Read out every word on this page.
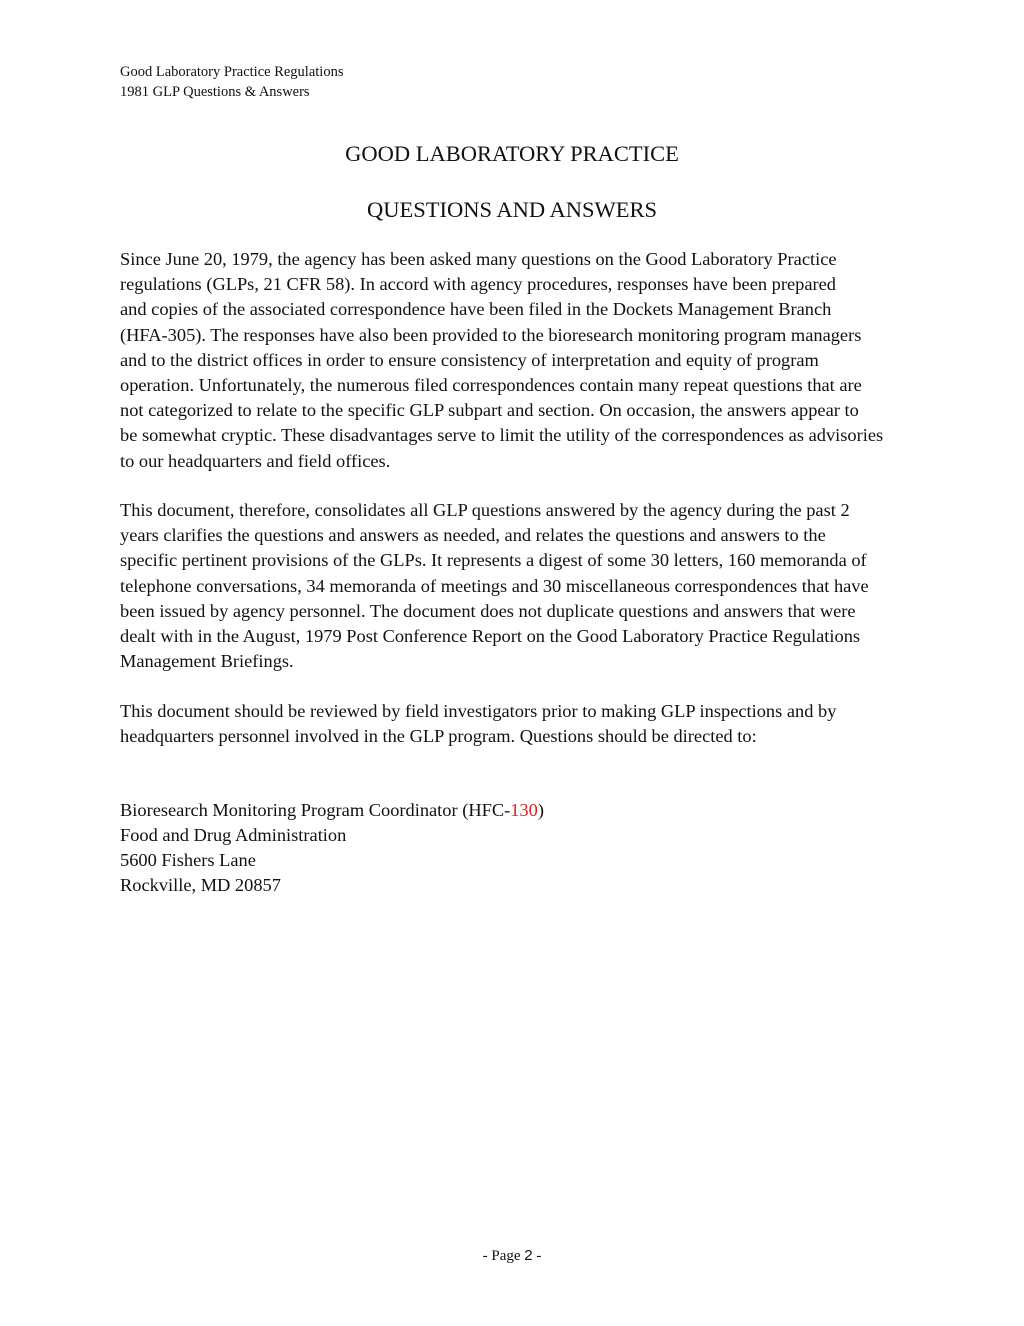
Good Laboratory Practice Regulations
1981 GLP Questions & Answers
GOOD LABORATORY PRACTICE
QUESTIONS AND ANSWERS

Since June 20, 1979, the agency has been asked many questions on the Good Laboratory Practice
regulations (GLPs, 21 CFR 58). In accord with agency procedures, responses have been prepared
and copies of the associated correspondence have been filed in the Dockets Management Branch
(HFA-305). The responses have also been provided to the bioresearch monitoring program managers
and to the district offices in order to ensure consistency of interpretation and equity of program
operation. Unfortunately, the numerous filed correspondences contain many repeat questions that are
not categorized to relate to the specific GLP subpart and section. On occasion, the answers appear to
be somewhat cryptic. These disadvantages serve to limit the utility of the correspondences as advisories
to our headquarters and field offices.

This document, therefore, consolidates all GLP questions answered by the agency during the past 2
years clarifies the questions and answers as needed, and relates the questions and answers to the
specific pertinent provisions of the GLPs. It represents a digest of some 30 letters, 160 memoranda of
telephone conversations, 34 memoranda of meetings and 30 miscellaneous correspondences that have
been issued by agency personnel. The document does not duplicate questions and answers that were
dealt with in the August, 1979 Post Conference Report on the Good Laboratory Practice Regulations
Management Briefings.

This document should be reviewed by field investigators prior to making GLP inspections and by
headquarters personnel involved in the GLP program. Questions should be directed to:

Bioresearch Monitoring Program Coordinator (HFC-130)
Food and Drug Administration
5600 Fishers Lane
Rockville, MD 20857
- Page 2 -
